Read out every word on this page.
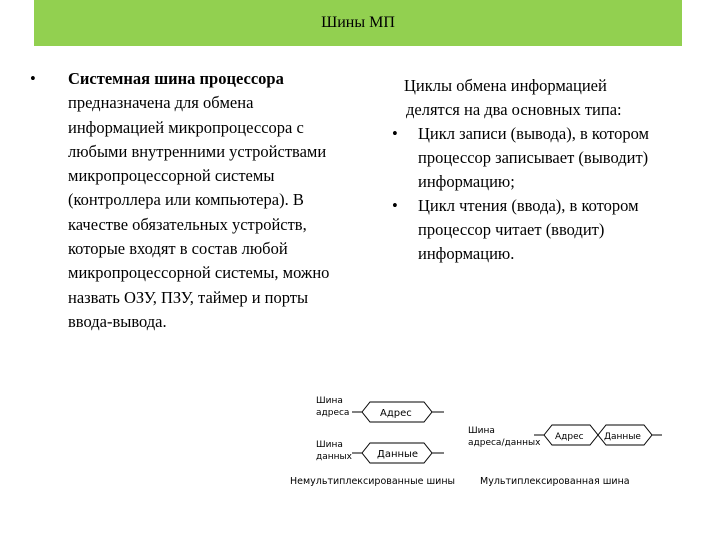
Шины МП
• Системная шина процессора предназначена для обмена информацией микропроцессора с любыми внутренними устройствами микропроцессорной системы (контроллера или компьютера). В качестве обязательных устройств, которые входят в состав любой микропроцессорной системы, можно назвать ОЗУ, ПЗУ, таймер и порты ввода-вывода.
Циклы обмена информацией
делятся на два основных типа:
• Цикл записи (вывода), в котором процессор записывает (выводит) информацию;
• Цикл чтения (ввода), в котором процессор читает (вводит) информацию.
Шина
адреса	Адрес
Шина
данных	Данные
Немультиплексированные шины
Шина
адреса/данных
Адрес Данные
Мультиплексированная шина
